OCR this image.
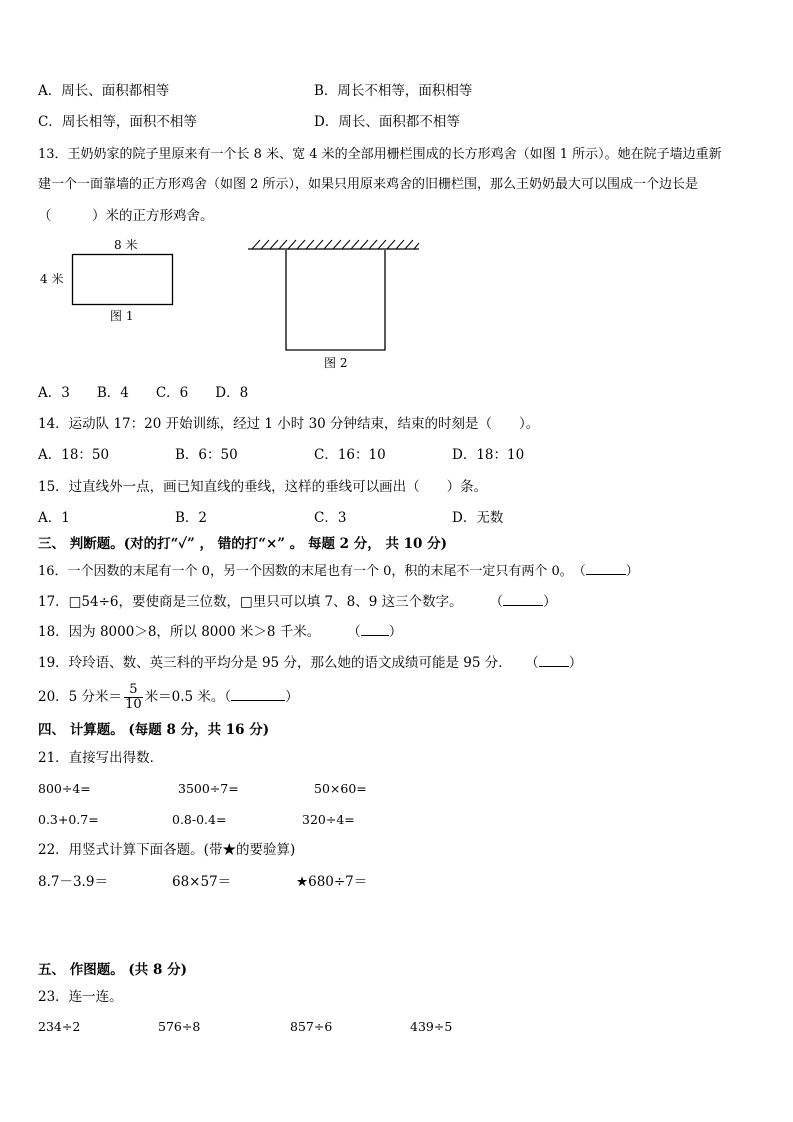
A．周长、面积都相等	B．周长不相等，面积相等
C．周长相等，面积不相等	D．周长、面积都不相等
13．王奶奶家的院子里原来有一个长 8 米、宽 4 米的全部用栅栏围成的长方形鸡舍（如图 1 所示）。她在院子墙边重新
建一个一面靠墙的正方形鸡舍（如图 2 所示），如果只用原来鸡舍的旧栅栏围，那么王奶奶最大可以围成一个边长是
（　　　）米的正方形鸡舍。
8 米
4 米
图 1
图 2
A．3　　B．4　　C．6　　D．8
14．运动队 17：20 开始训练，经过 1 小时 30 分钟结束，结束的时刻是（　　）。
A．18：50	B．6：50	C．16：10	D．18：10
15．过直线外一点，画已知直线的垂线，这样的垂线可以画出（　　）条。
A．1	B．2	C．3	D．无数
三、 判断题。(对的打“✓” ， 错的打“×” 。 每题 2 分， 共 10 分)
16．一个因数的末尾有一个 0，另一个因数的末尾也有一个 0，积的末尾不一定只有两个 0。　（	）
17．□54÷6，要使商是三位数，□里只可以填 7、8、9 这三个数字。　　　（	）
18．因为 8000＞8，所以 8000 米＞8 千米。　　　（ ）
19．玲玲语、数、英三科的平均分是 95 分，那么她的语文成绩可能是 95 分．　　（ ）
20．5 分米＝ $\frac{5}{10}$ 米＝0.5 米。（	）
四、 计算题。 (每题 8 分，共 16 分)
21．直接写出得数．
800÷4=	3500÷7=	50×60=
0.3+0.7=	0.8-0.4=	320÷4=
22．用竖式计算下面各题。(带★的要验算)
8.7－3.9＝	68×57＝	★680÷7＝
五、 作图题。 (共 8 分)
23．连一连。
234÷2	576÷8	857÷6	439÷5
